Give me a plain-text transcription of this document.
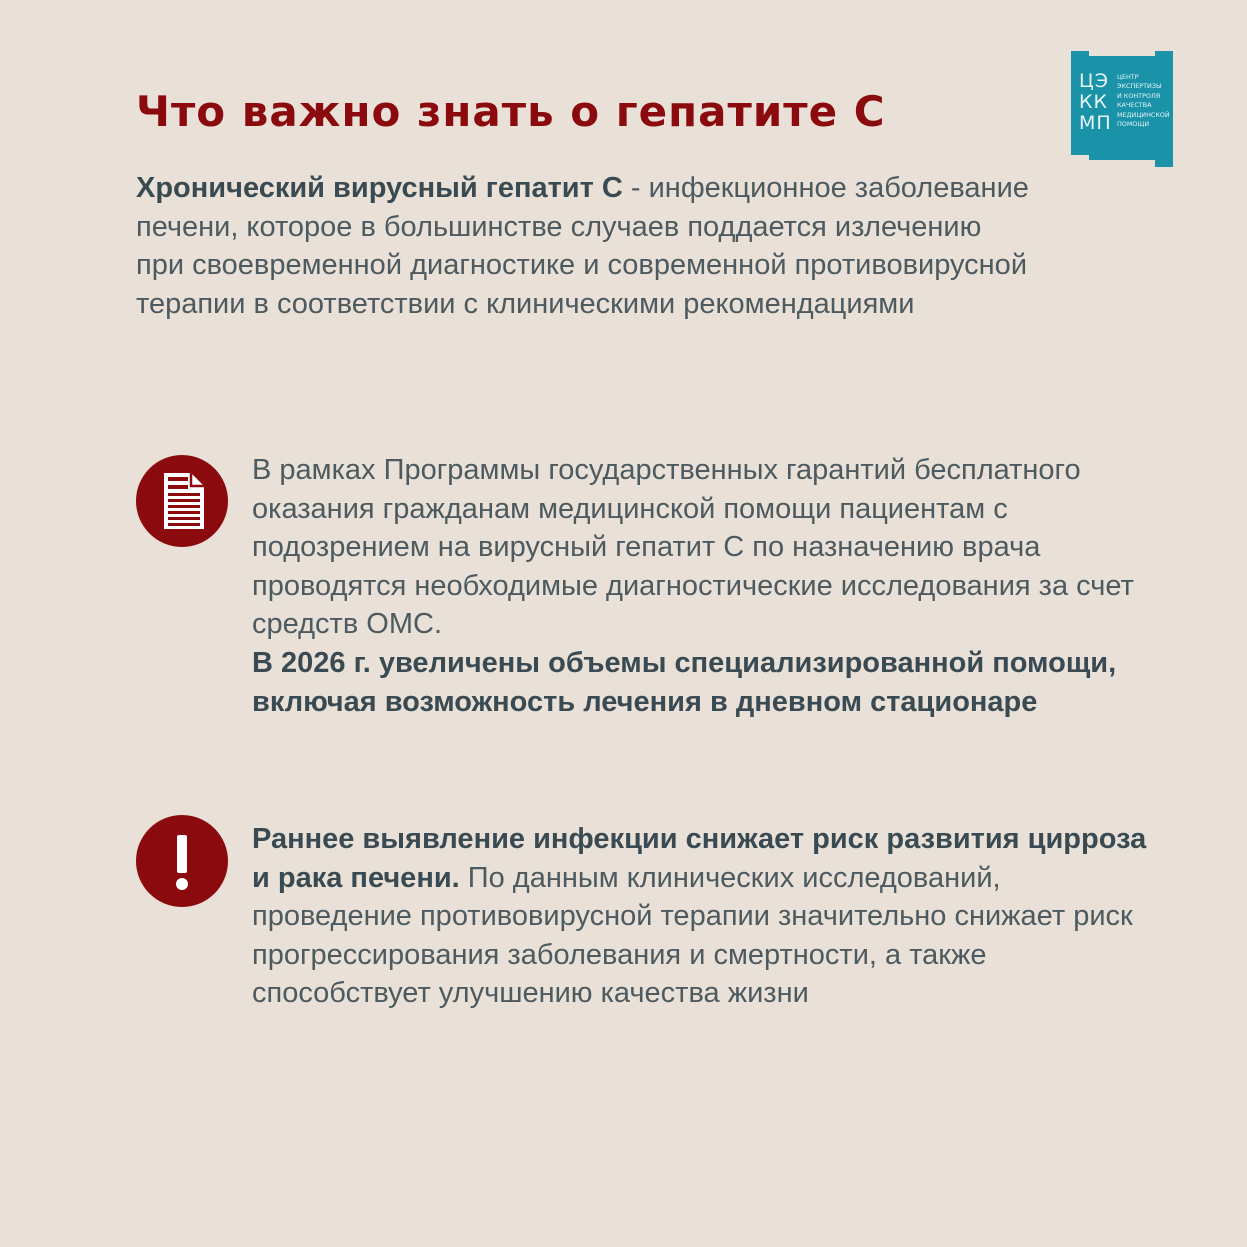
Что важно знать о гепатите С
ЦЭ
КК
МП
ЦЕНТР
ЭКСПЕРТИЗЫ
И КОНТРОЛЯ
КАЧЕСТВА
МЕДИЦИНСКОЙ
ПОМОЩИ

Хронический вирусный гепатит С - инфекционное заболевание печени, которое в большинстве случаев поддается излечению при своевременной диагностике и современной противовирусной терапии в соответствии с клиническими рекомендациями

В рамках Программы государственных гарантий бесплатного оказания гражданам медицинской помощи пациентам с подозрением на вирусный гепатит С по назначению врача проводятся необходимые диагностические исследования за счет средств ОМС.
В 2026 г. увеличены объемы специализированной помощи, включая возможность лечения в дневном стационаре

Раннее выявление инфекции снижает риск развития цирроза и рака печени. По данным клинических исследований, проведение противовирусной терапии значительно снижает риск прогрессирования заболевания и смертности, а также способствует улучшению качества жизни
